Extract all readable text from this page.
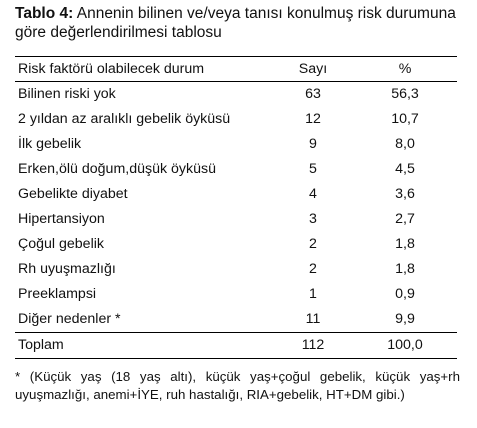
Tablo 4: Annenin bilinen ve/veya tanısı konulmuş risk durumuna göre değerlendirilmesi tablosu
Risk faktörü olabilecek durum	Sayı	%
Bilinen riski yok	63	56,3
2 yıldan az aralıklı gebelik öyküsü	12	10,7
İlk gebelik	9	8,0
Erken,ölü doğum,düşük öyküsü	5	4,5
Gebelikte diyabet	4	3,6
Hipertansiyon	3	2,7
Çoğul gebelik	2	1,8
Rh uyuşmazlığı	2	1,8
Preeklampsi	1	0,9
Diğer nedenler *	11	9,9
Toplam	112	100,0
* (Küçük yaş (18 yaş altı), küçük yaş+çoğul gebelik, küçük yaş+rh uyuşmazlığı, anemi+İYE, ruh hastalığı, RIA+gebelik, HT+DM gibi.)
